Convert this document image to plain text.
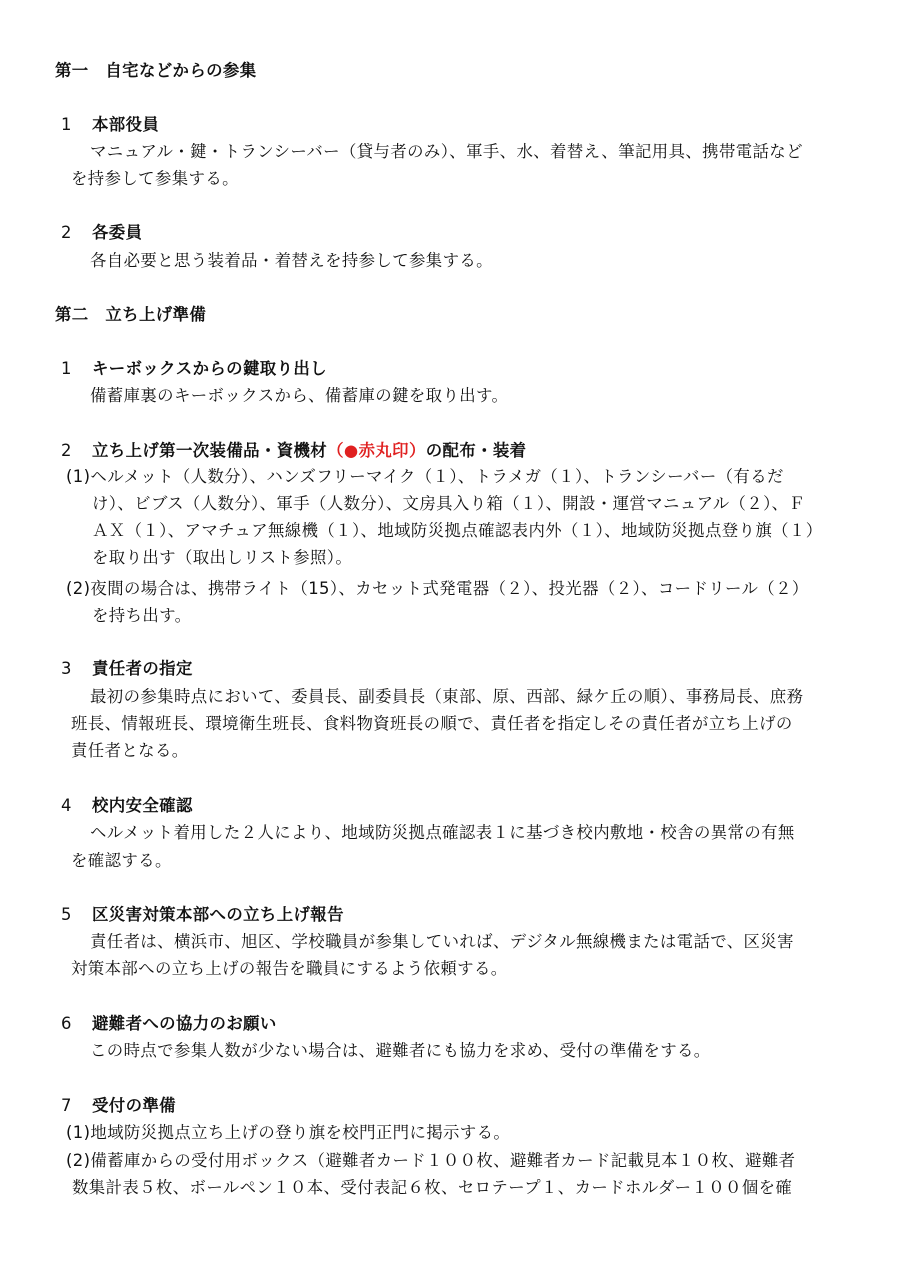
第一　自宅などからの参集
1 本部役員
マニュアル・鍵・トランシーバー（貸与者のみ）、軍手、水、着替え、筆記用具、携帯電話など
を持参して参集する。
2 各委員
各自必要と思う装着品・着替えを持参して参集する。
第二　立ち上げ準備
1 キーボックスからの鍵取り出し
備蓄庫裏のキーボックスから、備蓄庫の鍵を取り出す。
2 立ち上げ第一次装備品・資機材（●赤丸印）の配布・装着
(1)ヘルメット（人数分）、ハンズフリーマイク（１）、トラメガ（１）、トランシーバー（有るだ
け）、ビブス（人数分）、軍手（人数分）、文房具入り箱（１）、開設・運営マニュアル（２）、Ｆ
ＡＸ（１）、アマチュア無線機（１）、地域防災拠点確認表内外（１）、地域防災拠点登り旗（１）
を取り出す（取出しリスト参照）。
(2)夜間の場合は、携帯ライト（15）、カセット式発電器（２）、投光器（２）、コードリール（２）
を持ち出す。
3 責任者の指定
最初の参集時点において、委員長、副委員長（東部、原、西部、緑ケ丘の順）、事務局長、庶務
班長、情報班長、環境衛生班長、食料物資班長の順で、責任者を指定しその責任者が立ち上げの
責任者となる。
4 校内安全確認
ヘルメット着用した２人により、地域防災拠点確認表１に基づき校内敷地・校舎の異常の有無
を確認する。
5 区災害対策本部への立ち上げ報告
責任者は、横浜市、旭区、学校職員が参集していれば、デジタル無線機または電話で、区災害
対策本部への立ち上げの報告を職員にするよう依頼する。
6 避難者への協力のお願い
この時点で参集人数が少ない場合は、避難者にも協力を求め、受付の準備をする。
7 受付の準備
(1)地域防災拠点立ち上げの登り旗を校門正門に掲示する。
(2)備蓄庫からの受付用ボックス（避難者カード１００枚、避難者カード記載見本１０枚、避難者
数集計表５枚、ボールペン１０本、受付表記６枚、セロテープ１、カードホルダー１００個を確
